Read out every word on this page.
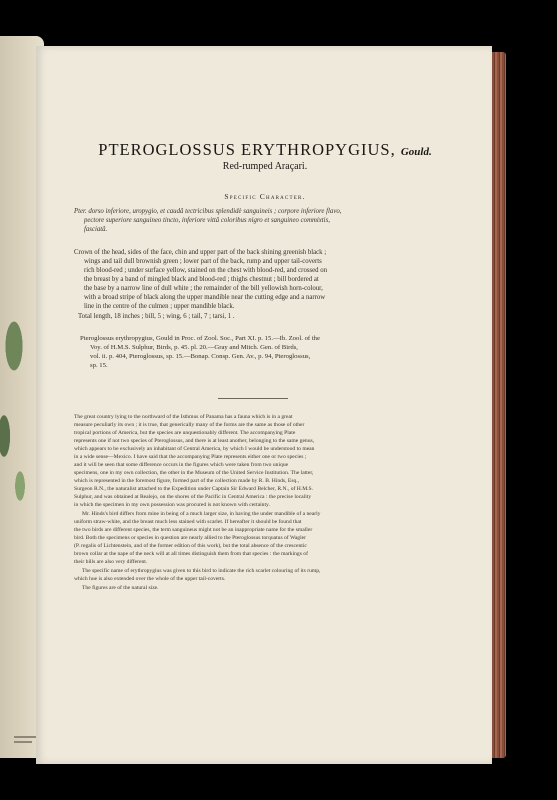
PTEROGLOSSUS ERYTHROPYGIUS, Gould.
Red-rumped Araçari.
Specific Character.
Pter. dorso inferiore, uropygio, et caudâ tectricibus splendidè sanguineis ; corpore inferiore flavo,
pectore superiore sanguineo tincto, inferiore vittâ coloribus nigro et sanguineo commixtis,
fasciatâ.
Crown of the head, sides of the face, chin and upper part of the back shining greenish black ;
wings and tail dull brownish green ; lower part of the back, rump and upper tail-coverts
rich blood-red ; under surface yellow, stained on the chest with blood-red, and crossed on
the breast by a band of mingled black and blood-red ; thighs chestnut ; bill bordered at
the base by a narrow line of dull white ; the remainder of the bill yellowish horn-colour,
with a broad stripe of black along the upper mandible near the cutting edge and a narrow
line in the centre of the culmen ; upper mandible black.
Total length, 18 inches ; bill, 5 ; wing, 6 ; tail, 7 ; tarsi, 1 .
Pteroglossus erythropygius, Gould in Proc. of Zool. Soc., Part XI. p. 15.—Ib. Zool. of the
Voy. of H.M.S. Sulphur, Birds, p. 45. pl. 20.—Gray and Mitch. Gen. of Birds,
vol. ii. p. 404, Pteroglossus, sp. 15.—Bonap. Consp. Gen. Av., p. 94, Pteroglossus,
sp. 15.
The great country lying to the northward of the Isthmus of Panama has a fauna which is in a great
measure peculiarly its own ; it is true, that generically many of the forms are the same as those of other
tropical portions of America, but the species are unquestionably different. The accompanying Plate
represents one if not two species of Pteroglossus, and there is at least another, belonging to the same genus,
which appears to be exclusively an inhabitant of Central America, by which I would be understood to mean
in a wide sense—Mexico. I have said that the accompanying Plate represents either one or two species ;
and it will be seen that some difference occurs in the figures which were taken from two unique
specimens, one in my own collection, the other in the Museum of the United Service Institution. The latter,
which is represented in the foremost figure, formed part of the collection made by R. B. Hinds, Esq.,
Surgeon R.N., the naturalist attached to the Expedition under Captain Sir Edward Belcher, R.N., of H.M.S.
Sulphur, and was obtained at Realejo, on the shores of the Pacific in Central America : the precise locality
in which the specimen in my own possession was procured is not known with certainty.
Mr. Hinds's bird differs from mine in being of a much larger size, in having the under mandible of a nearly
uniform straw-white, and the breast much less stained with scarlet. If hereafter it should be found that
the two birds are different species, the term sanguineus might not be an inappropriate name for the smaller
bird. Both the specimens or species in question are nearly allied to the Pteroglossus torquatus of Wagler
(P. regalis of Lichtenstein, and of the former edition of this work), but the total absence of the crescentic
brown collar at the nape of the neck will at all times distinguish them from that species : the markings of
their bills are also very different.
The specific name of erythropygius was given to this bird to indicate the rich scarlet colouring of its rump,
which hue is also extended over the whole of the upper tail-coverts.
The figures are of the natural size.
